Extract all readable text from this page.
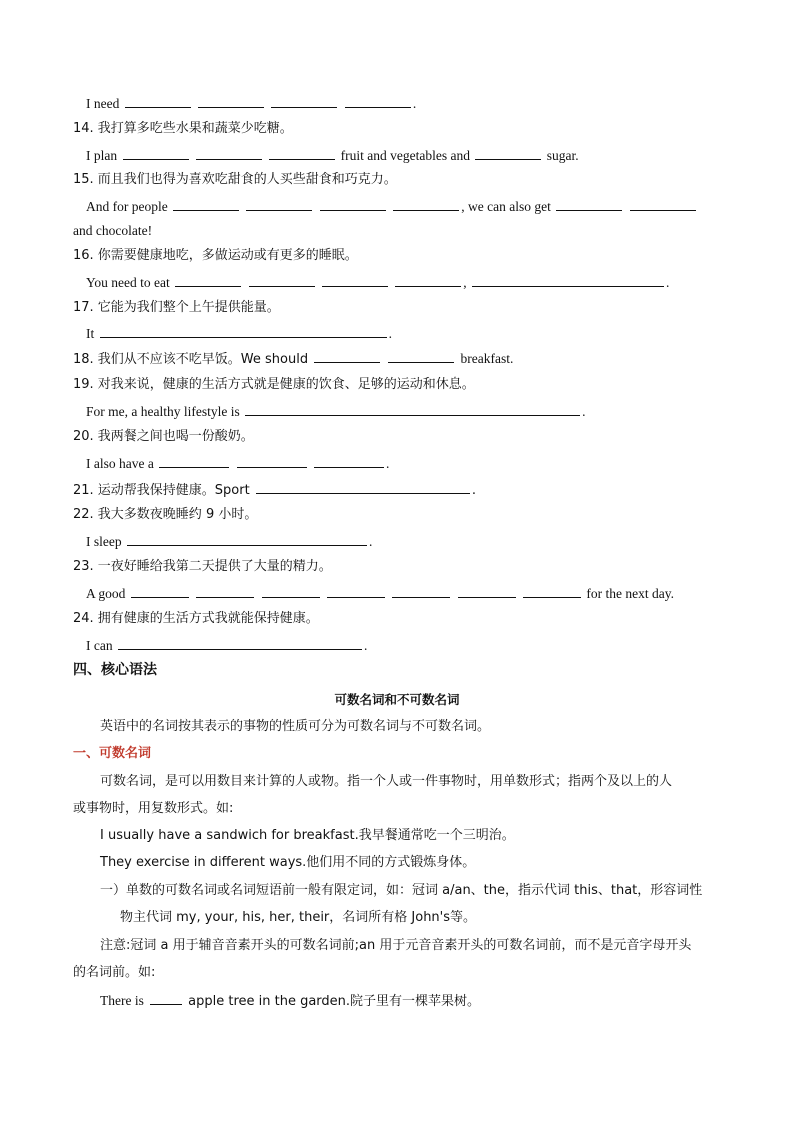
I need	.
14. 我打算多吃些水果和蔬菜少吃糖。
I plan	fruit and vegetables and	sugar.
15. 而且我们也得为喜欢吃甜食的人买些甜食和巧克力。
And for people	, we can also get
and chocolate!
16. 你需要健康地吃，多做运动或有更多的睡眠。
You need to eat	,	.
17. 它能为我们整个上午提供能量。
It	.
18. 我们从不应该不吃早饭。We should	breakfast.
19. 对我来说，健康的生活方式就是健康的饮食、足够的运动和休息。
For me, a healthy lifestyle is	.
20. 我两餐之间也喝一份酸奶。
I also have a	.
21. 运动帮我保持健康。Sport	.
22. 我大多数夜晚睡约 9 小时。
I sleep	.
23. 一夜好睡给我第二天提供了大量的精力。
A good	for the next day.
24. 拥有健康的生活方式我就能保持健康。
I can	.
四、核心语法
可数名词和不可数名词
英语中的名词按其表示的事物的性质可分为可数名词与不可数名词。
一、可数名词
可数名词，是可以用数目来计算的人或物。指一个人或一件事物时，用单数形式；指两个及以上的人
或事物时，用复数形式。如:
I usually have a sandwich for breakfast.我早餐通常吃一个三明治。
They exercise in different ways.他们用不同的方式锻炼身体。
一）单数的可数名词或名词短语前一般有限定词，如：冠词 a/an、the，指示代词 this、that，形容词性
物主代词 my, your, his, her, their，名词所有格 John's等。
注意:冠词 a 用于辅音音素开头的可数名词前;an 用于元音音素开头的可数名词前，而不是元音字母开头
的名词前。如:
There is	apple tree in the garden.院子里有一棵苹果树。
